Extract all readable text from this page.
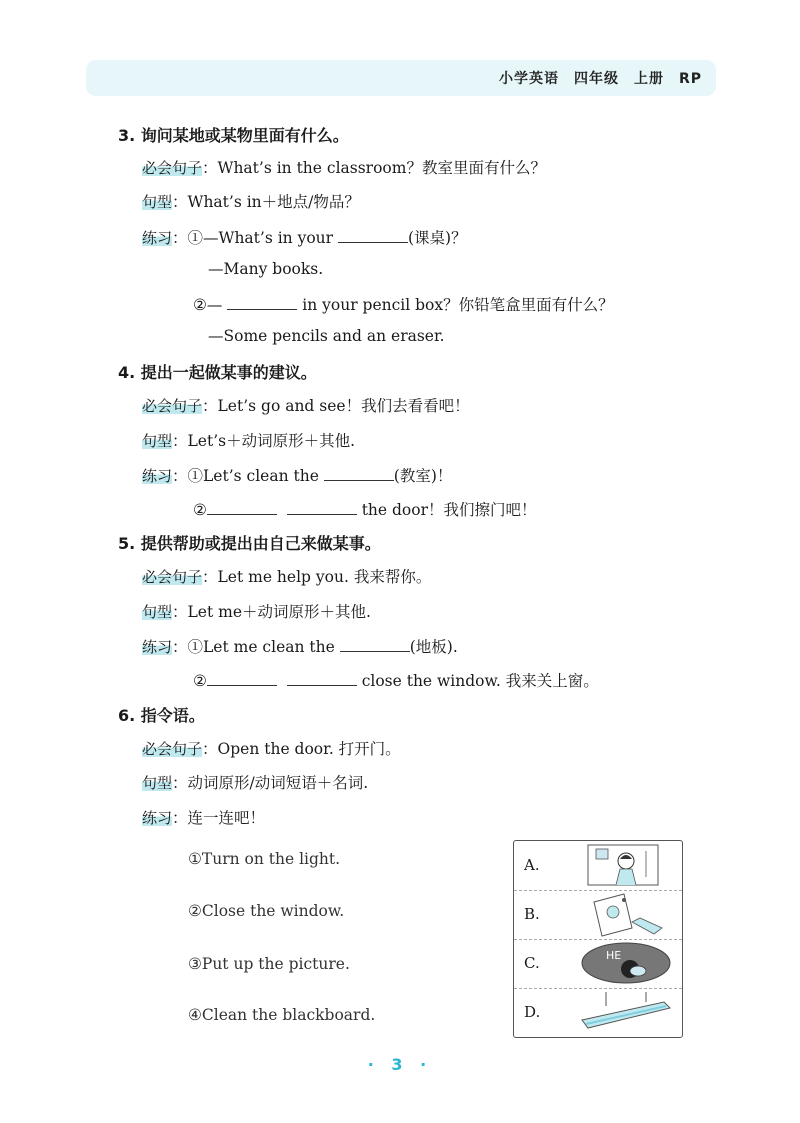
小学英语　四年级　上册　RP
3. 询问某地或某物里面有什么。
必会句子：What’s in the classroom？教室里面有什么？
句型：What’s in＋地点/物品？
练习：①—What’s in your	(课桌)？
—Many books.
②—	in your pencil box？你铅笔盒里面有什么？
—Some pencils and an eraser.
4. 提出一起做某事的建议。
必会句子：Let’s go and see！我们去看看吧！
句型：Let’s＋动词原形＋其他.
练习：①Let’s clean the	(教室)！
②	the door！我们擦门吧！
5. 提供帮助或提出由自己来做某事。
必会句子：Let me help you. 我来帮你。
句型：Let me＋动词原形＋其他.
练习：①Let me clean the	(地板).
②	close the window. 我来关上窗。
6. 指令语。
必会句子：Open the door. 打开门。
句型：动词原形/动词短语＋名词.
练习：连一连吧！
①Turn on the light.
②Close the window.
③Put up the picture.
④Clean the blackboard.
A.
B.
C.	HE
D.
· 3 ·
